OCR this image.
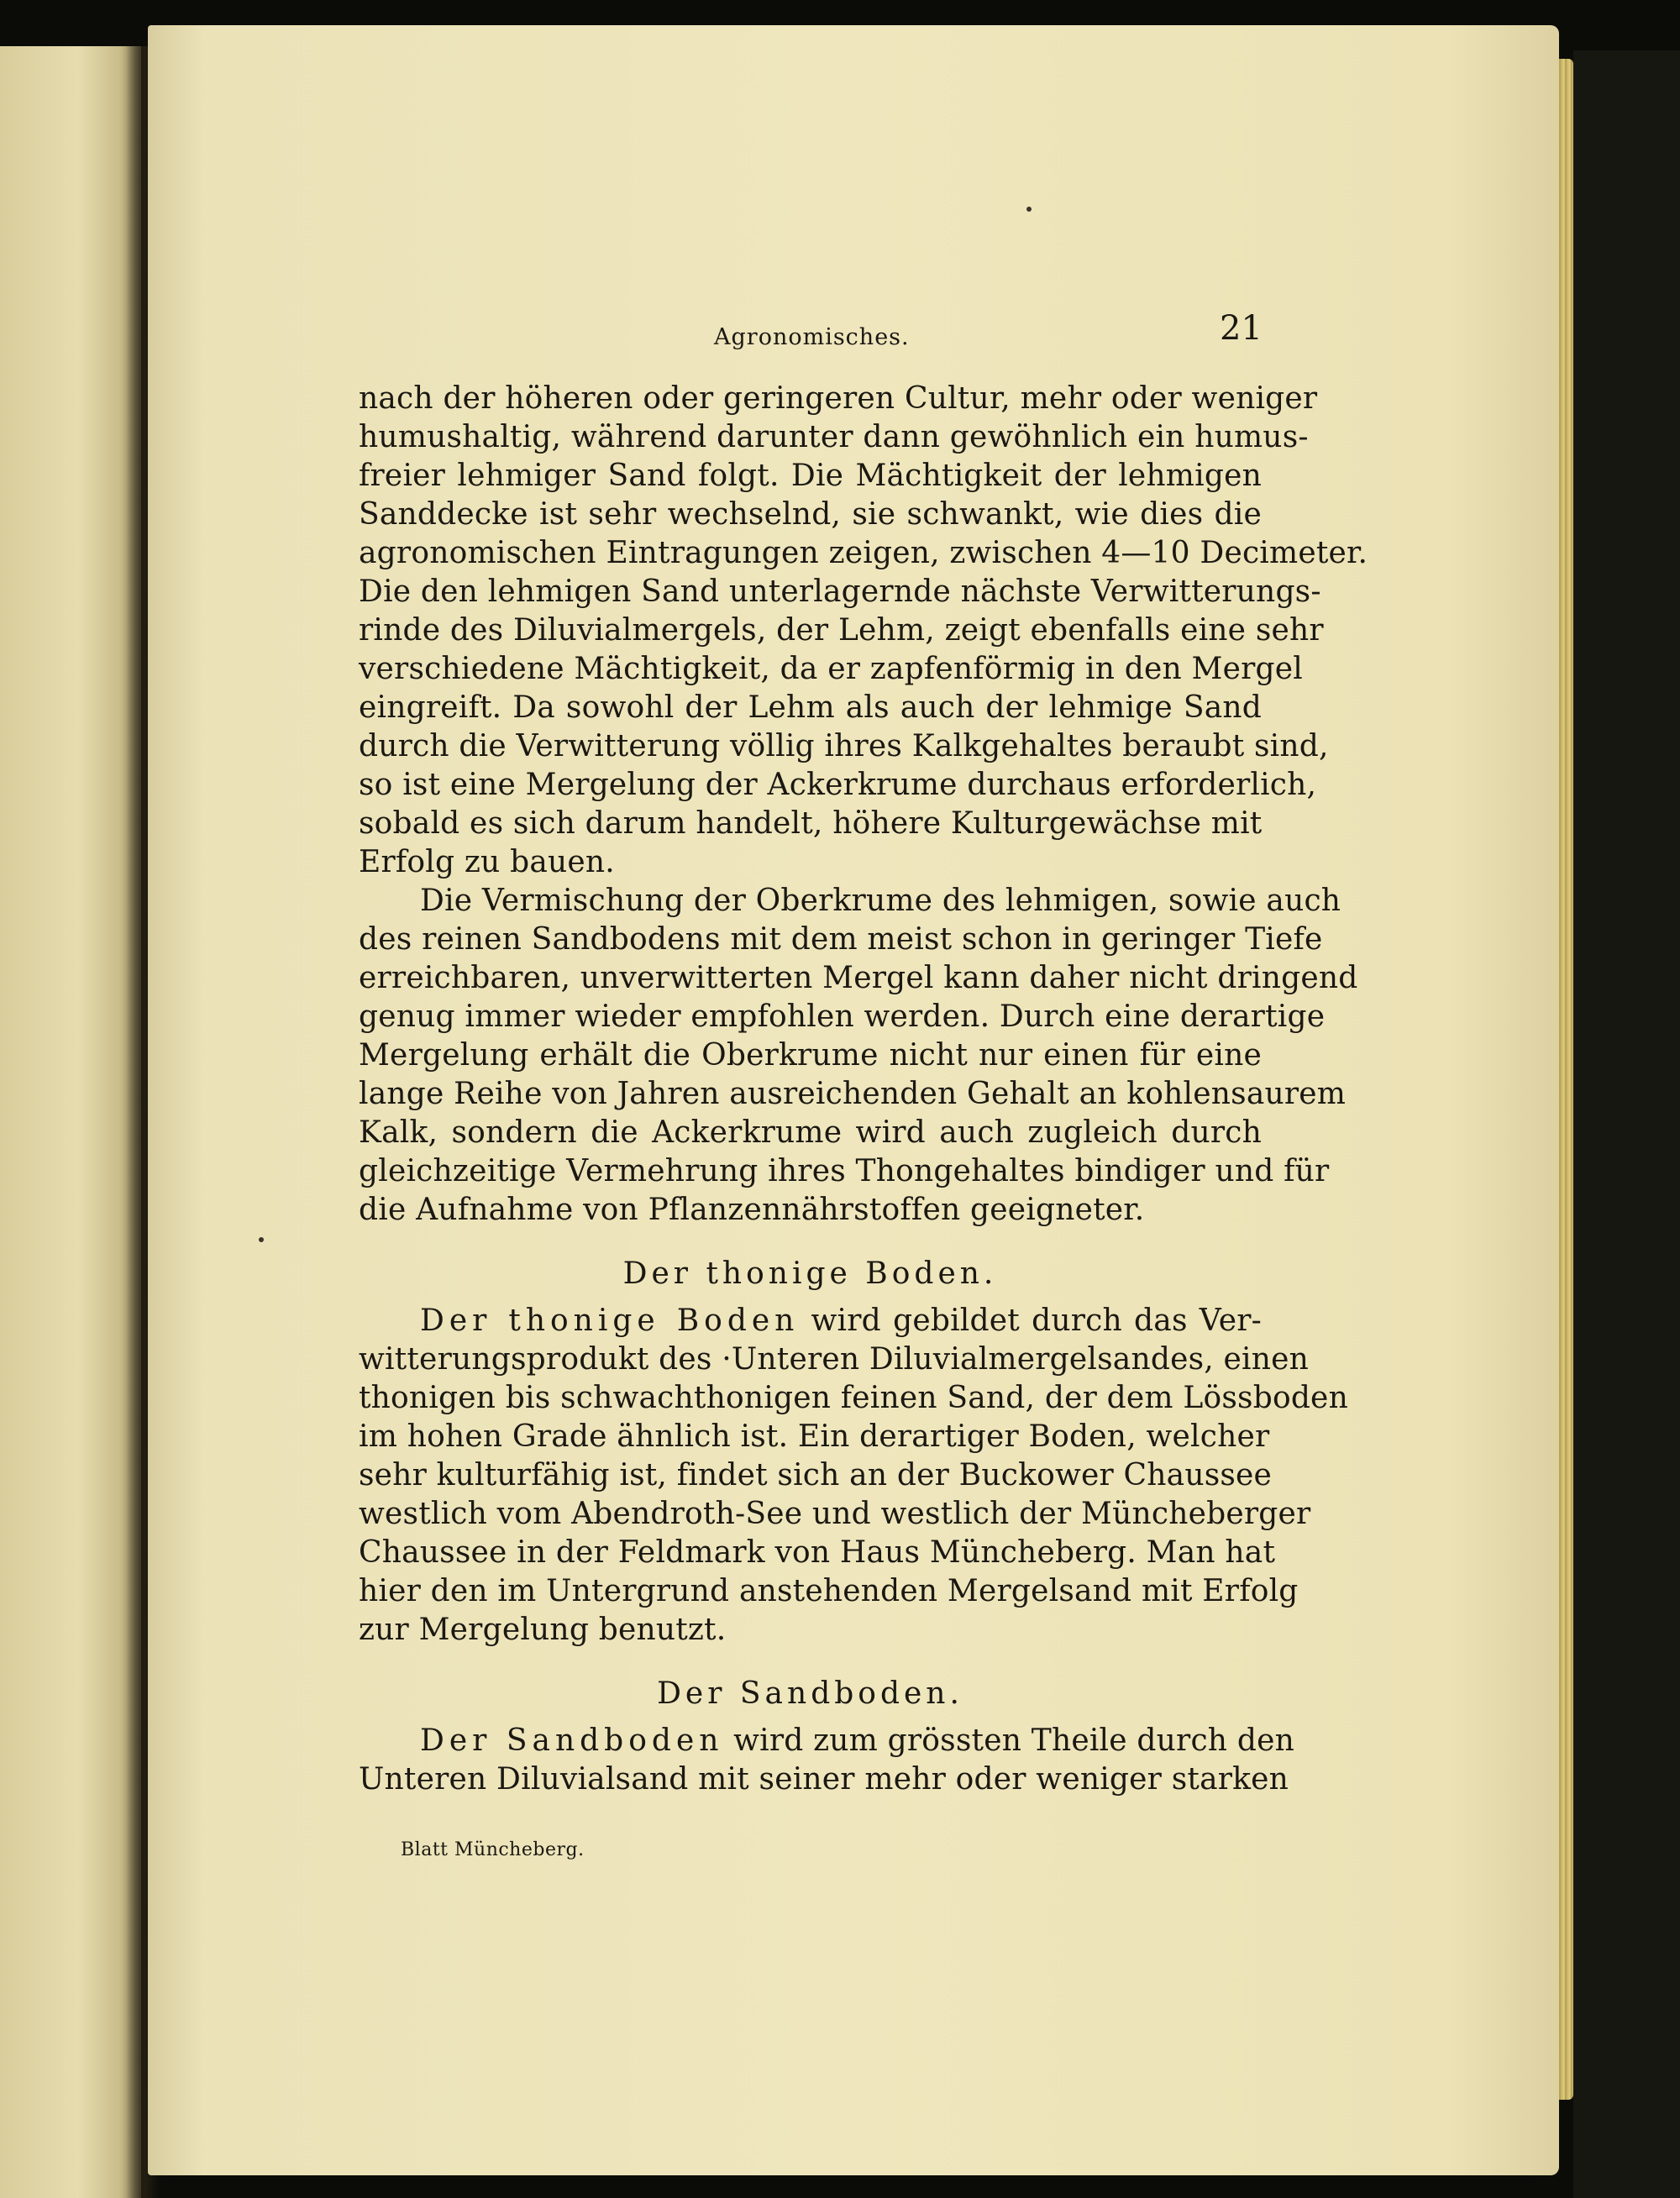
Agronomisches.	21
nach der höheren oder geringeren Cultur, mehr oder weniger
humushaltig, während darunter dann gewöhnlich ein humus-
freier lehmiger Sand folgt. Die Mächtigkeit der lehmigen
Sanddecke ist sehr wechselnd, sie schwankt, wie dies die
agronomischen Eintragungen zeigen, zwischen 4—10 Decimeter.
Die den lehmigen Sand unterlagernde nächste Verwitterungs-
rinde des Diluvialmergels, der Lehm, zeigt ebenfalls eine sehr
verschiedene Mächtigkeit, da er zapfenförmig in den Mergel
eingreift. Da sowohl der Lehm als auch der lehmige Sand
durch die Verwitterung völlig ihres Kalkgehaltes beraubt sind,
so ist eine Mergelung der Ackerkrume durchaus erforderlich,
sobald es sich darum handelt, höhere Kulturgewächse mit
Erfolg zu bauen.
Die Vermischung der Oberkrume des lehmigen, sowie auch
des reinen Sandbodens mit dem meist schon in geringer Tiefe
erreichbaren, unverwitterten Mergel kann daher nicht dringend
genug immer wieder empfohlen werden. Durch eine derartige
Mergelung erhält die Oberkrume nicht nur einen für eine
lange Reihe von Jahren ausreichenden Gehalt an kohlensaurem
Kalk, sondern die Ackerkrume wird auch zugleich durch
gleichzeitige Vermehrung ihres Thongehaltes bindiger und für
die Aufnahme von Pflanzennährstoffen geeigneter.
Der thonige Boden.
Der thonige Boden wird gebildet durch das Ver-
witterungsprodukt des ·Unteren Diluvialmergelsandes, einen
thonigen bis schwachthonigen feinen Sand, der dem Lössboden
im hohen Grade ähnlich ist. Ein derartiger Boden, welcher
sehr kulturfähig ist, findet sich an der Buckower Chaussee
westlich vom Abendroth-See und westlich der Müncheberger
Chaussee in der Feldmark von Haus Müncheberg. Man hat
hier den im Untergrund anstehenden Mergelsand mit Erfolg
zur Mergelung benutzt.
Der Sandboden.
Der Sandboden wird zum grössten Theile durch den
Unteren Diluvialsand mit seiner mehr oder weniger starken
Blatt Müncheberg.
